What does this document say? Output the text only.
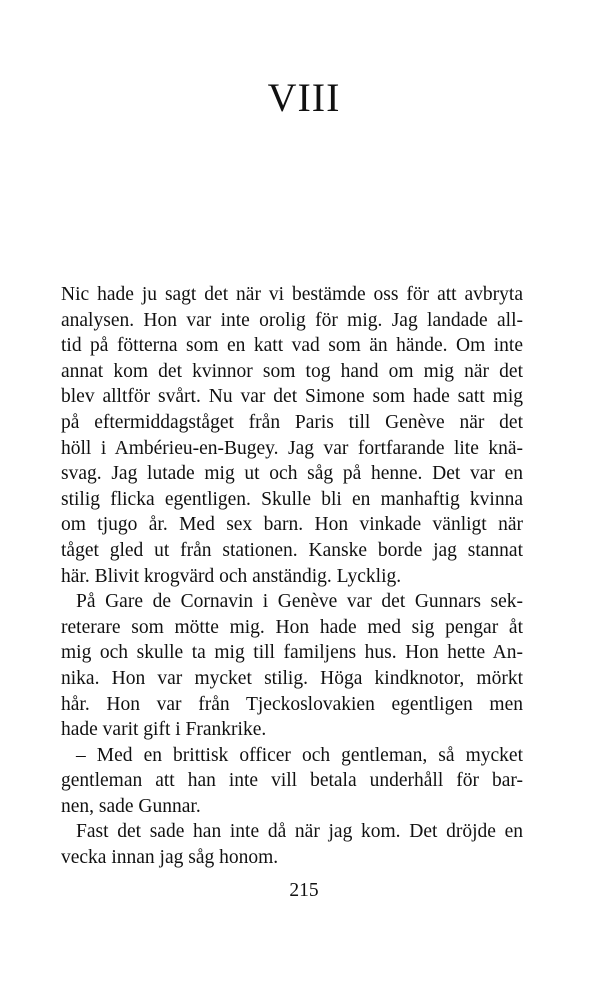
VIII
Nic hade ju sagt det när vi bestämde oss för att avbryta
analysen. Hon var inte orolig för mig. Jag landade all-
tid på fötterna som en katt vad som än hände. Om inte
annat kom det kvinnor som tog hand om mig när det
blev alltför svårt. Nu var det Simone som hade satt mig
på eftermiddagståget från Paris till Genève när det
höll i Ambérieu-en-Bugey. Jag var fortfarande lite knä-
svag. Jag lutade mig ut och såg på henne. Det var en
stilig flicka egentligen. Skulle bli en manhaftig kvinna
om tjugo år. Med sex barn. Hon vinkade vänligt när
tåget gled ut från stationen. Kanske borde jag stannat
här. Blivit krogvärd och anständig. Lycklig.
På Gare de Cornavin i Genève var det Gunnars sek-
reterare som mötte mig. Hon hade med sig pengar åt
mig och skulle ta mig till familjens hus. Hon hette An-
nika. Hon var mycket stilig. Höga kindknotor, mörkt
hår. Hon var från Tjeckoslovakien egentligen men
hade varit gift i Frankrike.
– Med en brittisk officer och gentleman, så mycket
gentleman att han inte vill betala underhåll för bar-
nen, sade Gunnar.
Fast det sade han inte då när jag kom. Det dröjde en
vecka innan jag såg honom.
215
